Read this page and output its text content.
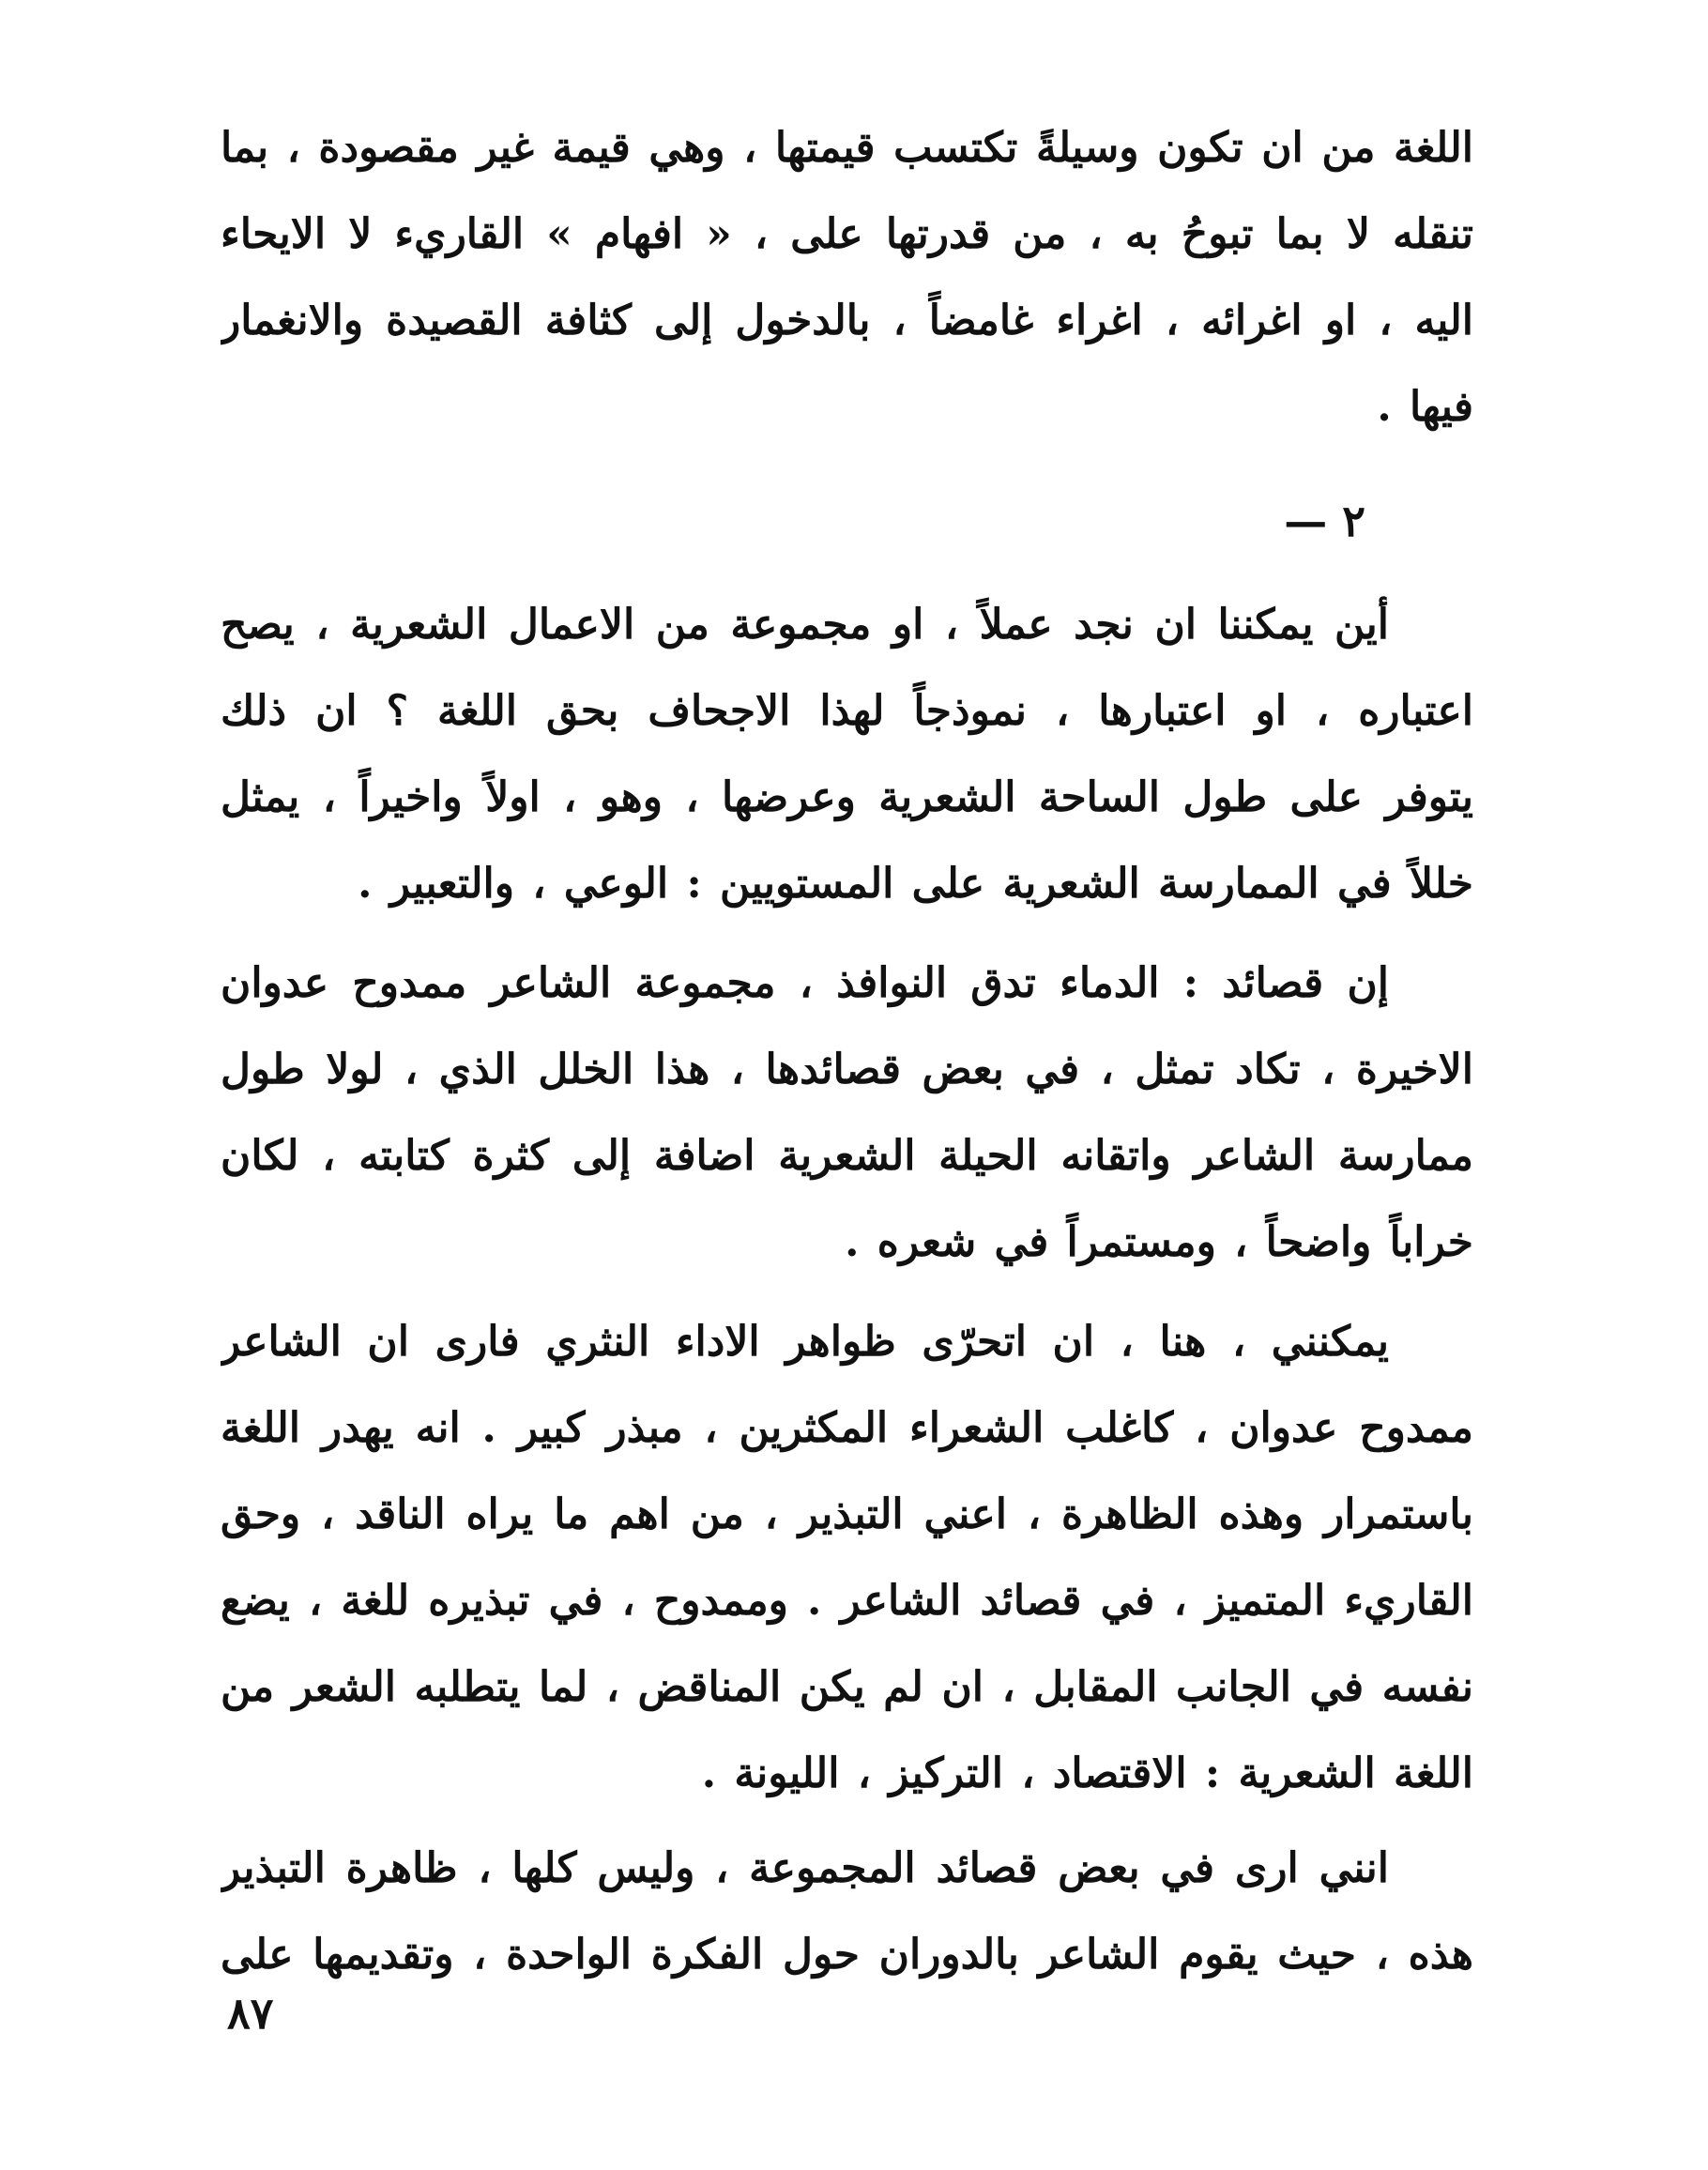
اللغة من ان تكون وسيلةً تكتسب قيمتها ، وهي قيمة غير مقصودة ، بما
تنقله لا بما تبوحُ به ، من قدرتها على ، « افهام » القاريء لا الايحاء
اليه ، او اغرائه ، اغراء غامضاً ، بالدخول إلى كثافة القصيدة والانغمار
فيها .
٢ —
أين يمكننا ان نجد عملاً ، او مجموعة من الاعمال الشعرية ، يصح
اعتباره ، او اعتبارها ، نموذجاً لهذا الاجحاف بحق اللغة ؟ ان ذلك
يتوفر على طول الساحة الشعرية وعرضها ، وهو ، اولاً واخيراً ، يمثل
خللاً في الممارسة الشعرية على المستويين : الوعي ، والتعبير .
إن قصائد : الدماء تدق النوافذ ، مجموعة الشاعر ممدوح عدوان
الاخيرة ، تكاد تمثل ، في بعض قصائدها ، هذا الخلل الذي ، لولا طول
ممارسة الشاعر واتقانه الحيلة الشعرية اضافة إلى كثرة كتابته ، لكان
خراباً واضحاً ، ومستمراً في شعره .
يمكنني ، هنا ، ان اتحرّى ظواهر الاداء النثري فارى ان الشاعر
ممدوح عدوان ، كاغلب الشعراء المكثرين ، مبذر كبير . انه يهدر اللغة
باستمرار وهذه الظاهرة ، اعني التبذير ، من اهم ما يراه الناقد ، وحق
القاريء المتميز ، في قصائد الشاعر . وممدوح ، في تبذيره للغة ، يضع
نفسه في الجانب المقابل ، ان لم يكن المناقض ، لما يتطلبه الشعر من
اللغة الشعرية : الاقتصاد ، التركيز ، الليونة .
انني ارى في بعض قصائد المجموعة ، وليس كلها ، ظاهرة التبذير
هذه ، حيث يقوم الشاعر بالدوران حول الفكرة الواحدة ، وتقديمها على
٨٧
